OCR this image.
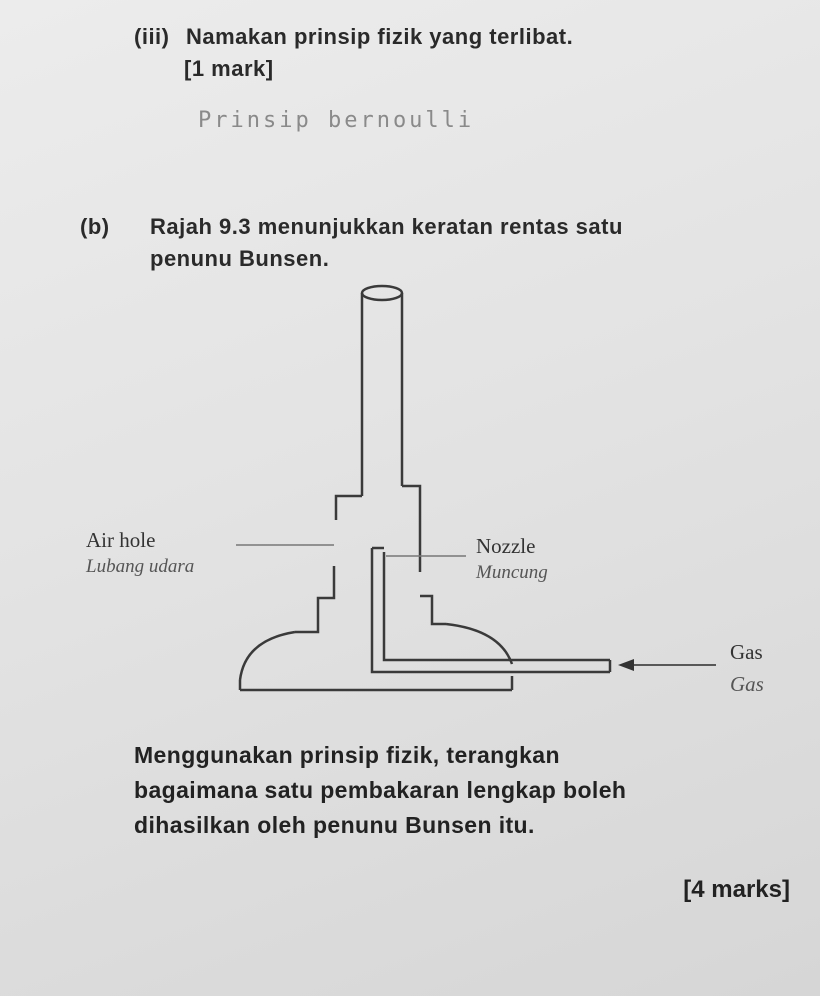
(iii) Namakan prinsip fizik yang terlibat.
[1 mark]
Prinsip bernoulli
(b) Rajah 9.3 menunjukkan keratan rentas satu
penunu Bunsen.
Air hole
Lubang udara
Nozzle
Muncung
Gas
Gas
Menggunakan prinsip fizik, terangkan
bagaimana satu pembakaran lengkap boleh
dihasilkan oleh penunu Bunsen itu.
[4 marks]
